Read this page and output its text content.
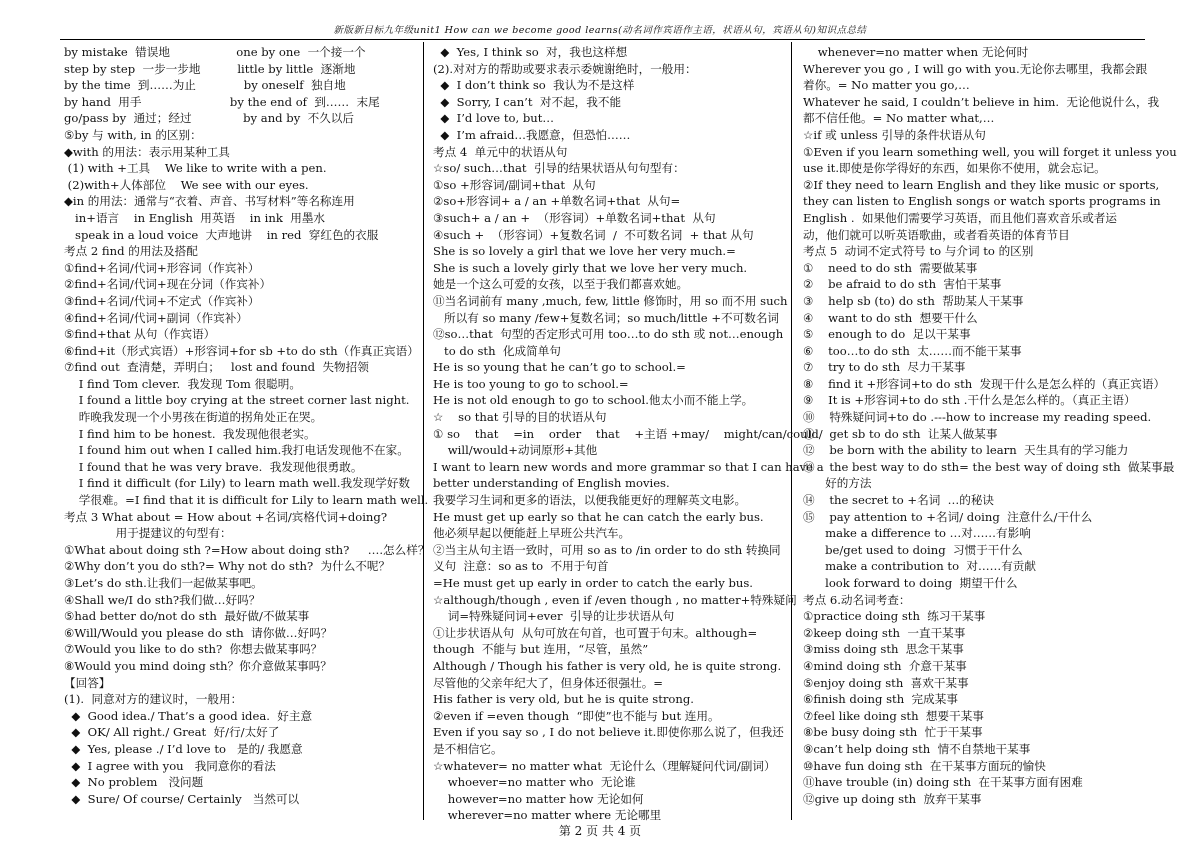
新版新目标九年级unit1 How can we become good learns(动名词作宾语作主语，状语从句，宾语从句)知识点总结
by mistake  错误地                  one by one  一个接一个
step by step  一步一步地          little by little  逐渐地
by the time  到……为止             by oneself  独自地
by hand  用手                        by the end of  到……  末尾
go/pass by  通过；经过              by and by  不久以后
⑤by 与 with, in 的区别：
◆with 的用法：表示用某种工具
(1) with +工具    We like to write with a pen.
(2)with+人体部位    We see with our eyes.
◆in 的用法：通常与“衣着、声音、书写材料”等名称连用
in+语言    in English  用英语    in ink  用墨水
speak in a loud voice  大声地讲    in red  穿红色的衣服
考点 2 find 的用法及搭配
①find+名词/代词+形容词（作宾补）
②find+名词/代词+现在分词（作宾补）
③find+名词/代词+不定式（作宾补）
④find+名词/代词+副词（作宾补）
⑤find+that 从句（作宾语）
⑥find+it（形式宾语）+形容词+for sb +to do sth（作真正宾语）
⑦find out  查清楚，弄明白；   lost and found  失物招领
I find Tom clever.  我发现 Tom 很聪明。
I found a little boy crying at the street corner last night.
昨晚我发现一个小男孩在街道的拐角处正在哭。
I find him to be honest.  我发现他很老实。
I found him out when I called him.我打电话发现他不在家。
I found that he was very brave.  我发现他很勇敢。
I find it difficult (for Lily) to learn math well.我发现学好数
学很难。=I find that it is difficult for Lily to learn math well.
考点 3 What about = How about +名词/宾格代词+doing?
用于提建议的句型有：
①What about doing sth ?=How about doing sth?     ….怎么样？
②Why don’t you do sth?= Why not do sth?  为什么不呢？
③Let’s do sth.让我们一起做某事吧。
④Shall we/I do sth?我们做…好吗？
⑤had better do/not do sth  最好做/不做某事
⑥Will/Would you please do sth  请你做…好吗？
⑦Would you like to do sth?  你想去做某事吗？
⑧Would you mind doing sth？你介意做某事吗？
【回答】
(1).  同意对方的建议时，一般用：
◆  Good idea./ That’s a good idea.  好主意
◆  OK/ All right./ Great  好/行/太好了
◆  Yes, please ./ I’d love to   是的/ 我愿意
◆  I agree with you   我同意你的看法
◆  No problem   没问题
◆  Sure/ Of course/ Certainly   当然可以
◆  Yes, I think so  对，我也这样想
(2).对对方的帮助或要求表示委婉谢绝时，一般用：
◆  I don’t think so  我认为不是这样
◆  Sorry, I can’t  对不起，我不能
◆  I’d love to, but…
◆  I’m afraid…我愿意，但恐怕……
考点 4  单元中的状语从句
☆so/ such…that  引导的结果状语从句句型有：
①so +形容词/副词+that  从句
②so+形容词+ a / an +单数名词+that  从句=
③such+ a / an +  （形容词）+单数名词+that  从句
④such +  （形容词）+复数名词  /  不可数名词  + that 从句
She is so lovely a girl that we love her very much.=
She is such a lovely girly that we love her very much.
她是一个这么可爱的女孩，以至于我们都喜欢她。
⑪当名词前有 many ,much, few, little 修饰时，用 so 而不用 such
所以有 so many /few+复数名词；so much/little +不可数名词
⑫so…that  句型的否定形式可用 too…to do sth 或 not…enough
to do sth  化成简单句
He is so young that he can’t go to school.=
He is too young to go to school.=
He is not old enough to go to school.他太小而不能上学。
☆    so that 引导的目的状语从句
① so    that    =in    order    that    +主语 +may/    might/can/could/
will/would+动词原形+其他
I want to learn new words and more grammar so that I can have a
better understanding of English movies.
我要学习生词和更多的语法，以便我能更好的理解英文电影。
He must get up early so that he can catch the early bus.
他必须早起以便能赶上早班公共汽车。
②当主从句主语一致时，可用 so as to /in order to do sth 转换同
义句  注意：so as to  不用于句首
=He must get up early in order to catch the early bus.
☆although/though , even if /even though , no matter+特殊疑问
词=特殊疑问词+ever  引导的让步状语从句
①让步状语从句  从句可放在句首，也可置于句末。although=
though  不能与 but 连用，“尽管，虽然”
Although / Though his father is very old, he is quite strong.
尽管他的父亲年纪大了，但身体还很强壮。=
His father is very old, but he is quite strong.
②even if =even though  “即使”也不能与 but 连用。
Even if you say so , I do not believe it.即使你那么说了，但我还
是不相信它。
☆whatever= no matter what  无论什么（理解疑问代词/副词）
whoever=no matter who  无论谁
however=no matter how 无论如何
wherever=no matter where 无论哪里
whenever=no matter when 无论何时
Wherever you go , I will go with you.无论你去哪里，我都会跟
着你。= No matter you go,…
Whatever he said, I couldn’t believe in him.  无论他说什么，我
都不信任他。= No matter what,…
☆if 或 unless 引导的条件状语从句
①Even if you learn something well, you will forget it unless you
use it.即使是你学得好的东西，如果你不使用，就会忘记。
②If they need to learn English and they like music or sports,
they can listen to English songs or watch sports programs in
English .  如果他们需要学习英语，而且他们喜欢音乐或者运
动，他们就可以听英语歌曲，或者看英语的体育节目
考点 5  动词不定式符号 to 与介词 to 的区别
①    need to do sth  需要做某事
②    be afraid to do sth  害怕干某事
③    help sb (to) do sth  帮助某人干某事
④    want to do sth  想要干什么
⑤    enough to do  足以干某事
⑥    too…to do sth  太……而不能干某事
⑦    try to do sth  尽力干某事
⑧    find it +形容词+to do sth  发现干什么是怎么样的（真正宾语）
⑨    It is +形容词+to do sth .干什么是怎么样的。（真正主语）
⑩    特殊疑问词+to do .---how to increase my reading speed.
⑪    get sb to do sth  让某人做某事
⑫    be born with the ability to learn  天生具有的学习能力
⑬    the best way to do sth= the best way of doing sth  做某事最
好的方法
⑭    the secret to +名词  …的秘诀
⑮    pay attention to +名词/ doing  注意什么/干什么
make a difference to …对……有影响
be/get used to doing  习惯于干什么
make a contribution to  对……有贡献
look forward to doing  期望干什么
考点 6.动名词考查：
①practice doing sth  练习干某事
②keep doing sth  一直干某事
③miss doing sth  思念干某事
④mind doing sth  介意干某事
⑤enjoy doing sth  喜欢干某事
⑥finish doing sth  完成某事
⑦feel like doing sth  想要干某事
⑧be busy doing sth  忙于干某事
⑨can’t help doing sth  情不自禁地干某事
⑩have fun doing sth  在干某事方面玩的愉快
⑪have trouble (in) doing sth  在干某事方面有困难
⑫give up doing sth  放弃干某事
第 2 页 共 4 页
